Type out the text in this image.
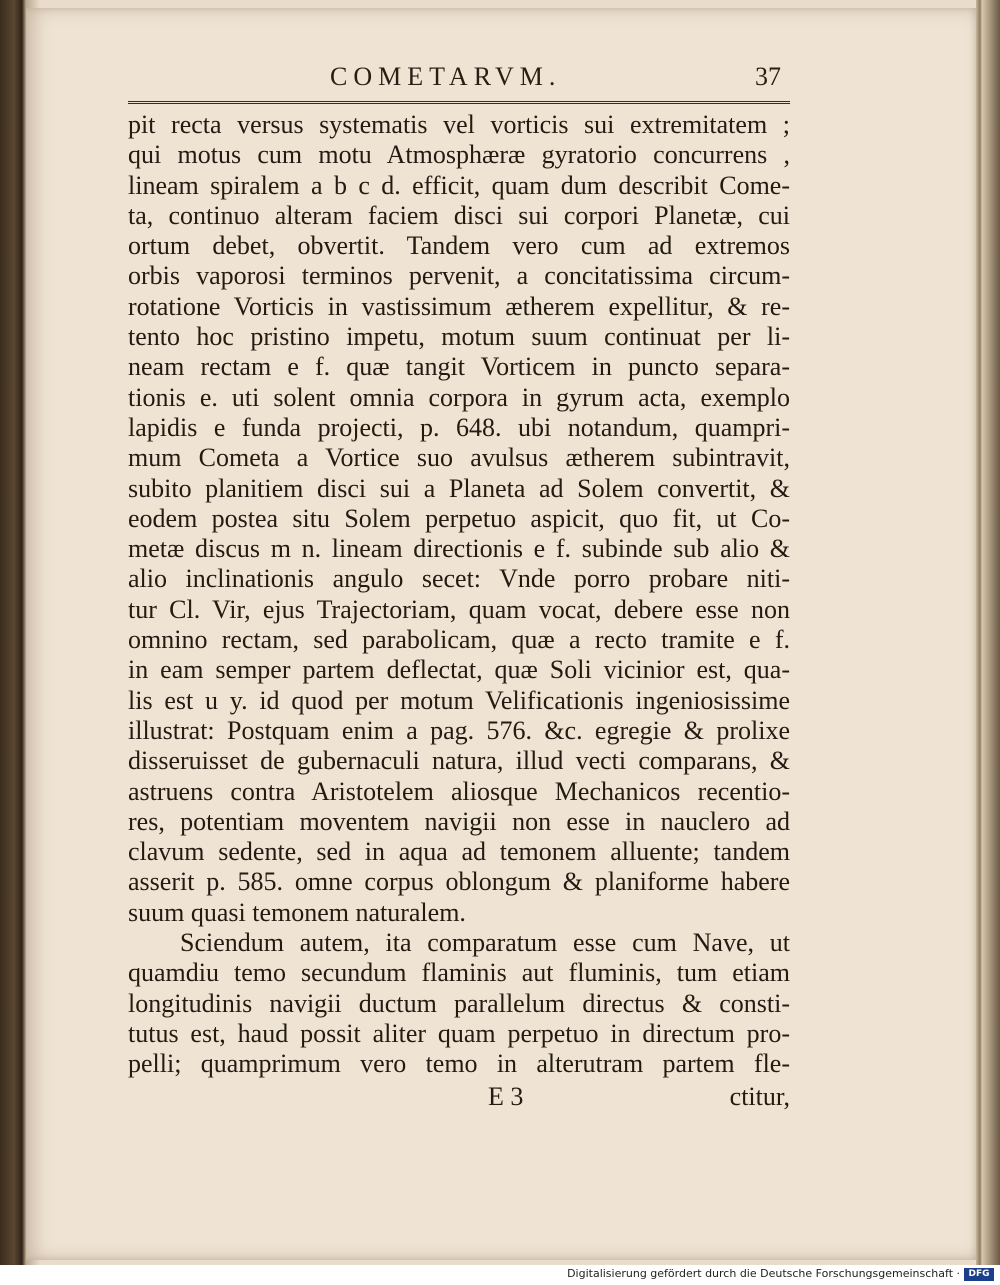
COMETARVM.	37
pit recta versus systematis vel vorticis sui extremitatem ;
qui motus cum motu Atmosphæræ gyratorio concurrens ,
lineam spiralem a b c d. efficit, quam dum describit Come-
ta, continuo alteram faciem disci sui corpori Planetæ, cui
ortum debet, obvertit. Tandem vero cum ad extremos
orbis vaporosi terminos pervenit, a concitatissima circum-
rotatione Vorticis in vastissimum ætherem expellitur, & re-
tento hoc pristino impetu, motum suum continuat per li-
neam rectam e f. quæ tangit Vorticem in puncto separa-
tionis e. uti solent omnia corpora in gyrum acta, exemplo
lapidis e funda projecti, p. 648. ubi notandum, quampri-
mum Cometa a Vortice suo avulsus ætherem subintravit,
subito planitiem disci sui a Planeta ad Solem convertit, &
eodem postea situ Solem perpetuo aspicit, quo fit, ut Co-
metæ discus m n. lineam directionis e f. subinde sub alio &
alio inclinationis angulo secet: Vnde porro probare niti-
tur Cl. Vir, ejus Trajectoriam, quam vocat, debere esse non
omnino rectam, sed parabolicam, quæ a recto tramite e f.
in eam semper partem deflectat, quæ Soli vicinior est, qua-
lis est u y. id quod per motum Velificationis ingeniosissime
illustrat: Postquam enim a pag. 576. &c. egregie & prolixe
disseruisset de gubernaculi natura, illud vecti comparans, &
astruens contra Aristotelem aliosque Mechanicos recentio-
res, potentiam moventem navigii non esse in nauclero ad
clavum sedente, sed in aqua ad temonem alluente; tandem
asserit p. 585. omne corpus oblongum & planiforme habere
suum quasi temonem naturalem.
Sciendum autem, ita comparatum esse cum Nave, ut
quamdiu temo secundum flaminis aut fluminis, tum etiam
longitudinis navigii ductum parallelum directus & consti-
tutus est, haud possit aliter quam perpetuo in directum pro-
pelli; quamprimum vero temo in alterutram partem fle-
E 3	ctitur,
Digitalisierung gefördert durch die Deutsche Forschungsgemeinschaft · DFG
